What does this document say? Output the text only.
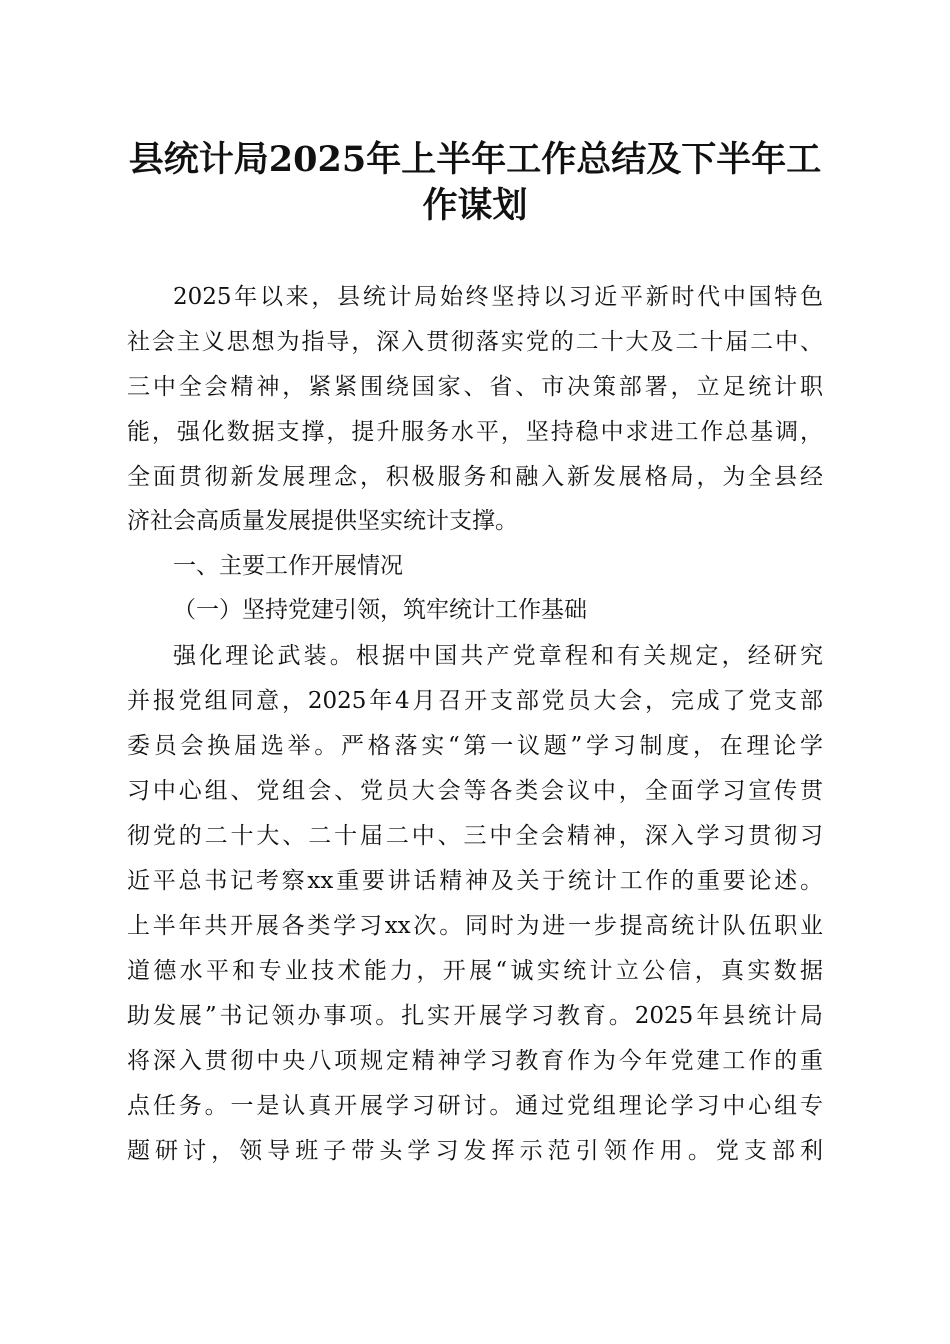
县统计局2025年上半年工作总结及下半年工
作谋划
2025年以来，县统计局始终坚持以习近平新时代中国特色
社会主义思想为指导，深入贯彻落实党的二十大及二十届二中、
三中全会精神，紧紧围绕国家、省、市决策部署，立足统计职
能，强化数据支撑，提升服务水平，坚持稳中求进工作总基调，
全面贯彻新发展理念，积极服务和融入新发展格局，为全县经
济社会高质量发展提供坚实统计支撑。
一、主要工作开展情况
（一）坚持党建引领，筑牢统计工作基础
强化理论武装。根据中国共产党章程和有关规定，经研究
并报党组同意，2025年4月召开支部党员大会，完成了党支部
委员会换届选举。严格落实“第一议题”学习制度，在理论学
习中心组、党组会、党员大会等各类会议中，全面学习宣传贯
彻党的二十大、二十届二中、三中全会精神，深入学习贯彻习
近平总书记考察xx重要讲话精神及关于统计工作的重要论述。
上半年共开展各类学习xx次。同时为进一步提高统计队伍职业
道德水平和专业技术能力，开展“诚实统计立公信，真实数据
助发展”书记领办事项。扎实开展学习教育。2025年县统计局
将深入贯彻中央八项规定精神学习教育作为今年党建工作的重
点任务。一是认真开展学习研讨。通过党组理论学习中心组专
题研讨，领导班子带头学习发挥示范引领作用。党支部利
